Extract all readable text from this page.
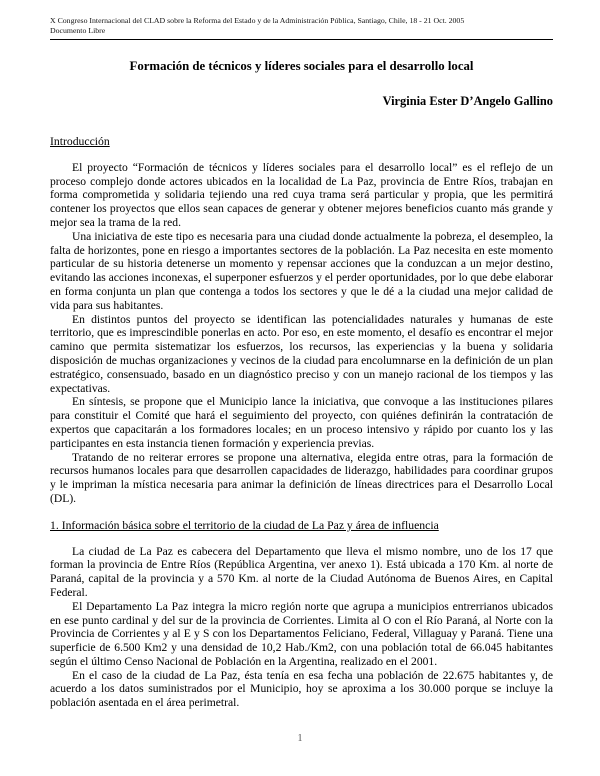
X Congreso Internacional del CLAD sobre la Reforma del Estado y de la Administración Pública, Santiago, Chile, 18 - 21 Oct. 2005
Documento Libre
Formación de técnicos y líderes sociales para el desarrollo local
Virginia Ester D’Angelo Gallino
Introducción

El proyecto “Formación de técnicos y líderes sociales para el desarrollo local” es el reflejo de un proceso complejo donde actores ubicados en la localidad de La Paz, provincia de Entre Ríos, trabajan en forma comprometida y solidaria tejiendo una red cuya trama será particular y propia, que les permitirá contener los proyectos que ellos sean capaces de generar y obtener mejores beneficios cuanto más grande y mejor sea la trama de la red.

Una iniciativa de este tipo es necesaria para una ciudad donde actualmente la pobreza, el desempleo, la falta de horizontes, pone en riesgo a importantes sectores de la población. La Paz necesita en este momento particular de su historia detenerse un momento y repensar acciones que la conduzcan a un mejor destino, evitando las acciones inconexas, el superponer esfuerzos y el perder oportunidades, por lo que debe elaborar en forma conjunta un plan que contenga a todos los sectores y que le dé a la ciudad una mejor calidad de vida para sus habitantes.

En distintos puntos del proyecto se identifican las potencialidades naturales y humanas de este territorio, que es imprescindible ponerlas en acto. Por eso, en este momento, el desafío es encontrar el mejor camino que permita sistematizar los esfuerzos, los recursos, las experiencias y la buena y solidaria disposición de muchas organizaciones y vecinos de la ciudad para encolumnarse en la definición de un plan estratégico, consensuado, basado en un diagnóstico preciso y con un manejo racional de los tiempos y las expectativas.

En síntesis, se propone que el Municipio lance la iniciativa, que convoque a las instituciones pilares para constituir el Comité que hará el seguimiento del proyecto, con quiénes definirán la contratación de expertos que capacitarán a los formadores locales; en un proceso intensivo y rápido por cuanto los y las participantes en esta instancia tienen formación y experiencia previas.

Tratando de no reiterar errores se propone una alternativa, elegida entre otras, para la formación de recursos humanos locales para que desarrollen capacidades de liderazgo, habilidades para coordinar grupos y le impriman la mística necesaria para animar la definición de líneas directrices para el Desarrollo Local (DL).

1. Información básica sobre el territorio de la ciudad de La Paz y área de influencia

La ciudad de La Paz es cabecera del Departamento que lleva el mismo nombre, uno de los 17 que forman la provincia de Entre Ríos (República Argentina, ver anexo 1). Está ubicada a 170 Km. al norte de Paraná, capital de la provincia y a 570 Km. al norte de la Ciudad Autónoma de Buenos Aires, en Capital Federal.

El Departamento La Paz integra la micro región norte que agrupa a municipios entrerrianos ubicados en ese punto cardinal y del sur de la provincia de Corrientes. Limita al O con el Río Paraná, al Norte con la Provincia de Corrientes y al E y S con los Departamentos Feliciano, Federal, Villaguay y Paraná. Tiene una superficie de 6.500 Km2 y una densidad de 10,2 Hab./Km2, con una población total de 66.045 habitantes según el último Censo Nacional de Población en la Argentina, realizado en el 2001.

En el caso de la ciudad de La Paz, ésta tenía en esa fecha una población de 22.675 habitantes y, de acuerdo a los datos suministrados por el Municipio, hoy se aproxima a los 30.000 porque se incluye la población asentada en el área perimetral.

1
